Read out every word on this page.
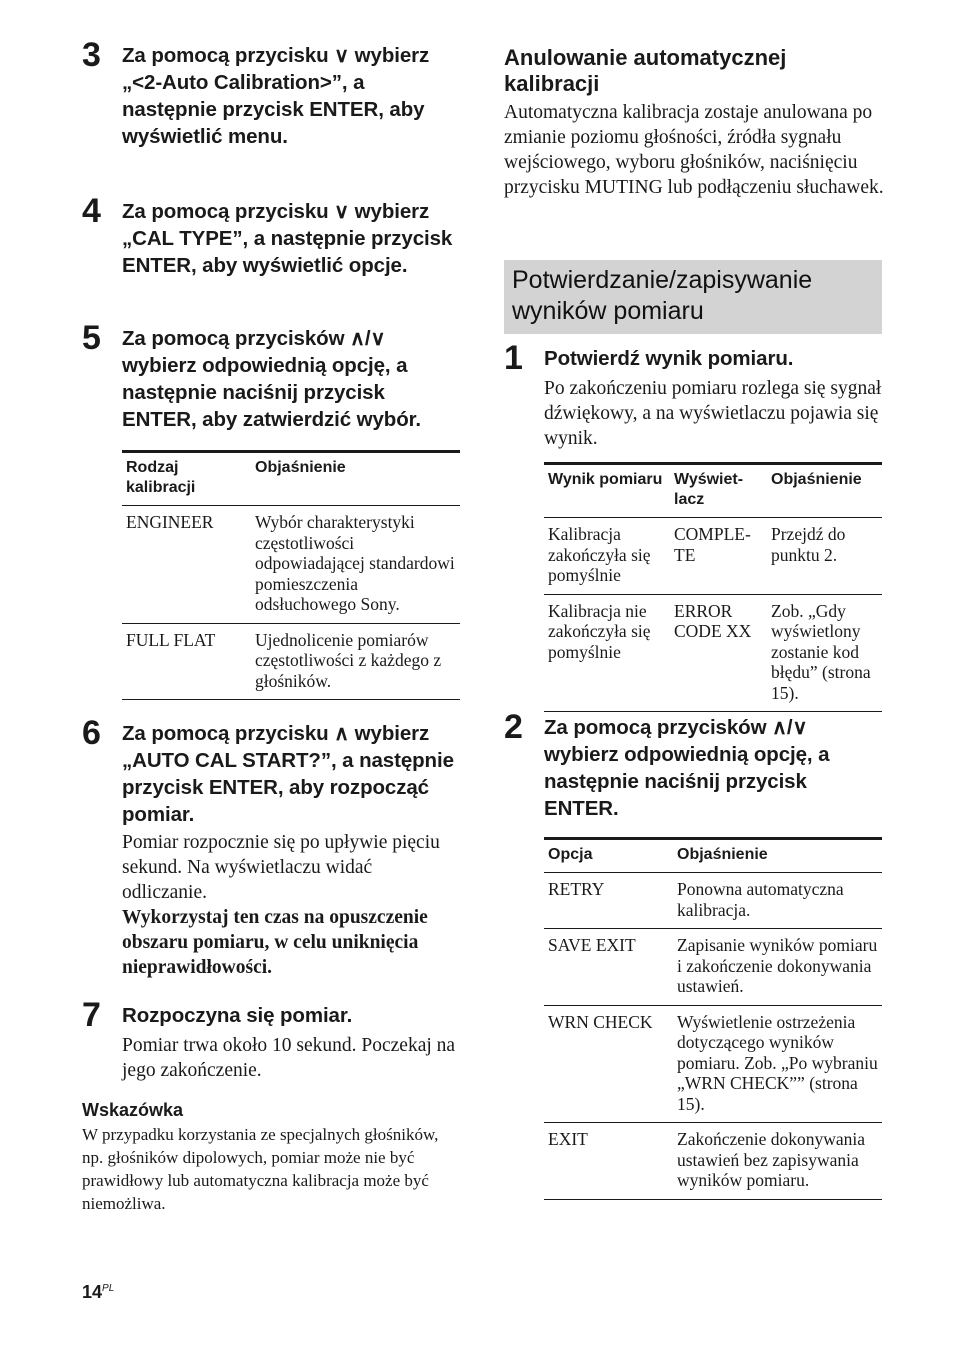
3 Za pomocą przycisku ∨ wybierz „<2-Auto Calibration>”, a następnie przycisk ENTER, aby wyświetlić menu.
4 Za pomocą przycisku ∨ wybierz „CAL TYPE”, a następnie przycisk ENTER, aby wyświetlić opcje.
5 Za pomocą przycisków ∧/∨ wybierz odpowiednią opcję, a następnie naciśnij przycisk ENTER, aby zatwierdzić wybór.
Rodzaj kalibracji	Objaśnienie
ENGINEER	Wybór charakterystyki częstotliwości odpowiadającej standardowi pomieszczenia odsłuchowego Sony.
FULL FLAT	Ujednolicenie pomiarów częstotliwości z każdego z głośników.
6 Za pomocą przycisku ∧ wybierz „AUTO CAL START?”, a następnie przycisk ENTER, aby rozpocząć pomiar.
Pomiar rozpocznie się po upływie pięciu sekund. Na wyświetlaczu widać odliczanie.
Wykorzystaj ten czas na opuszczenie obszaru pomiaru, w celu uniknięcia nieprawidłowości.
7 Rozpoczyna się pomiar.
Pomiar trwa około 10 sekund. Poczekaj na jego zakończenie.
Wskazówka
W przypadku korzystania ze specjalnych głośników, np. głośników dipolowych, pomiar może nie być prawidłowy lub automatyczna kalibracja może być niemożliwa.
Anulowanie automatycznej kalibracji
Automatyczna kalibracja zostaje anulowana po zmianie poziomu głośności, źródła sygnału wejściowego, wyboru głośników, naciśnięciu przycisku MUTING lub podłączeniu słuchawek.
Potwierdzanie/zapisywanie wyników pomiaru
1 Potwierdź wynik pomiaru.
Po zakończeniu pomiaru rozlega się sygnał dźwiękowy, a na wyświetlaczu pojawia się wynik.
Wynik pomiaru	Wyświet-lacz	Objaśnienie
Kalibracja zakończyła się pomyślnie	COMPLE-TE	Przejdź do punktu 2.
Kalibracja nie zakończyła się pomyślnie	ERROR CODE XX	Zob. „Gdy wyświetlony zostanie kod błędu” (strona 15).
2 Za pomocą przycisków ∧/∨ wybierz odpowiednią opcję, a następnie naciśnij przycisk ENTER.
Opcja	Objaśnienie
RETRY	Ponowna automatyczna kalibracja.
SAVE EXIT	Zapisanie wyników pomiaru i zakończenie dokonywania ustawień.
WRN CHECK	Wyświetlenie ostrzeżenia dotyczącego wyników pomiaru. Zob. „Po wybraniu „WRN CHECK”” (strona 15).
EXIT	Zakończenie dokonywania ustawień bez zapisywania wyników pomiaru.
$14^{PL}$
